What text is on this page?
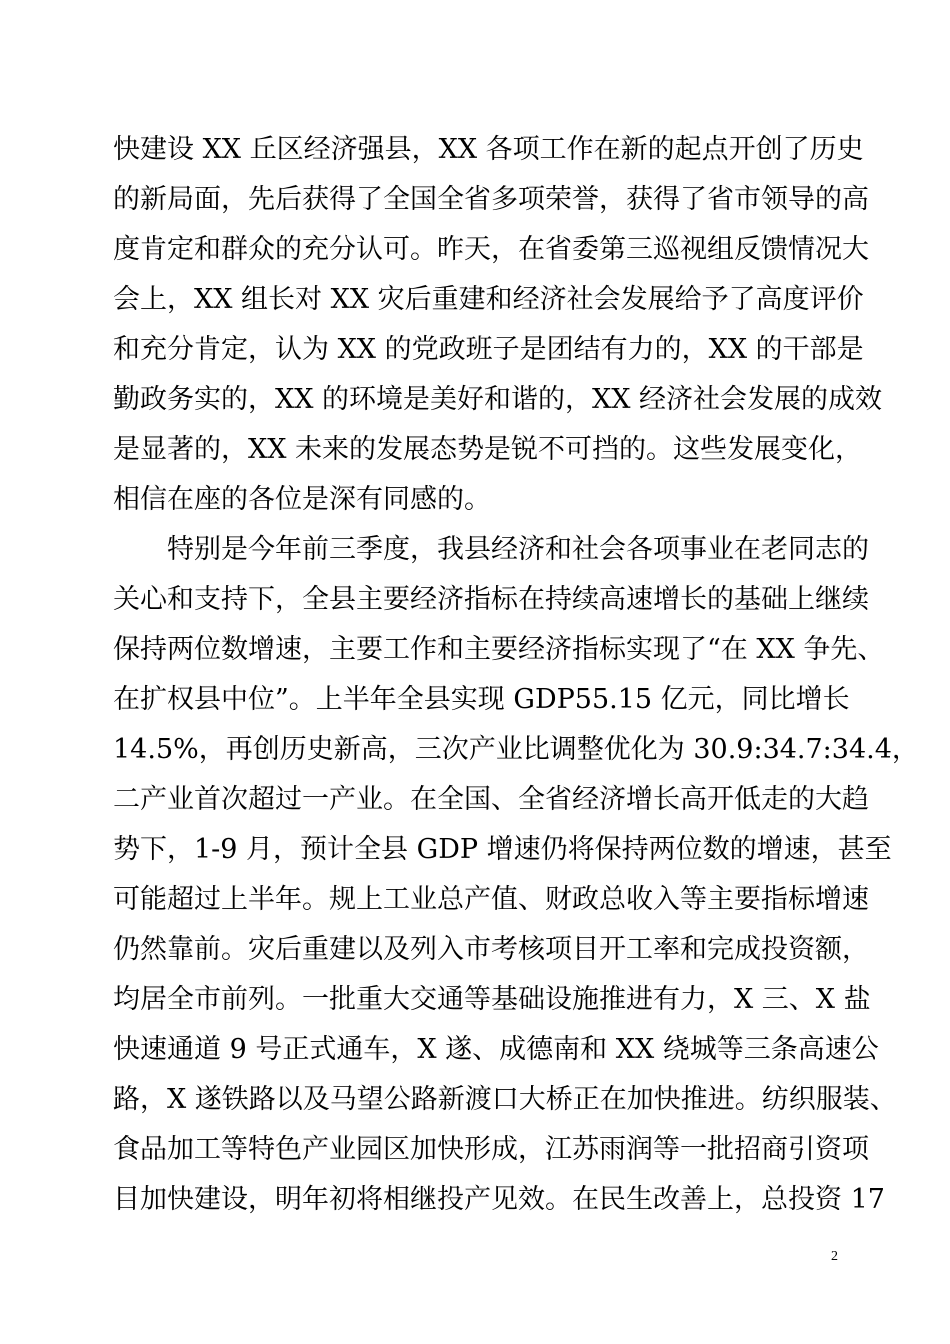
快建设 XX 丘区经济强县，XX 各项工作在新的起点开创了历史
的新局面，先后获得了全国全省多项荣誉，获得了省市领导的高
度肯定和群众的充分认可。昨天，在省委第三巡视组反馈情况大
会上，XX 组长对 XX 灾后重建和经济社会发展给予了高度评价
和充分肯定，认为 XX 的党政班子是团结有力的，XX 的干部是
勤政务实的，XX 的环境是美好和谐的，XX 经济社会发展的成效
是显著的，XX 未来的发展态势是锐不可挡的。这些发展变化，
相信在座的各位是深有同感的。
特别是今年前三季度，我县经济和社会各项事业在老同志的
关心和支持下，全县主要经济指标在持续高速增长的基础上继续
保持两位数增速，主要工作和主要经济指标实现了“在 XX 争先、
在扩权县中位”。上半年全县实现 GDP55.15 亿元，同比增长
14.5%，再创历史新高，三次产业比调整优化为 30.9:34.7:34.4，
二产业首次超过一产业。在全国、全省经济增长高开低走的大趋
势下，1-9 月，预计全县 GDP 增速仍将保持两位数的增速，甚至
可能超过上半年。规上工业总产值、财政总收入等主要指标增速
仍然靠前。灾后重建以及列入市考核项目开工率和完成投资额，
均居全市前列。一批重大交通等基础设施推进有力，X 三、X 盐
快速通道 9 号正式通车，X 遂、成德南和 XX 绕城等三条高速公
路，X 遂铁路以及马望公路新渡口大桥正在加快推进。纺织服装、
食品加工等特色产业园区加快形成，江苏雨润等一批招商引资项
目加快建设，明年初将相继投产见效。在民生改善上，总投资 17
2
